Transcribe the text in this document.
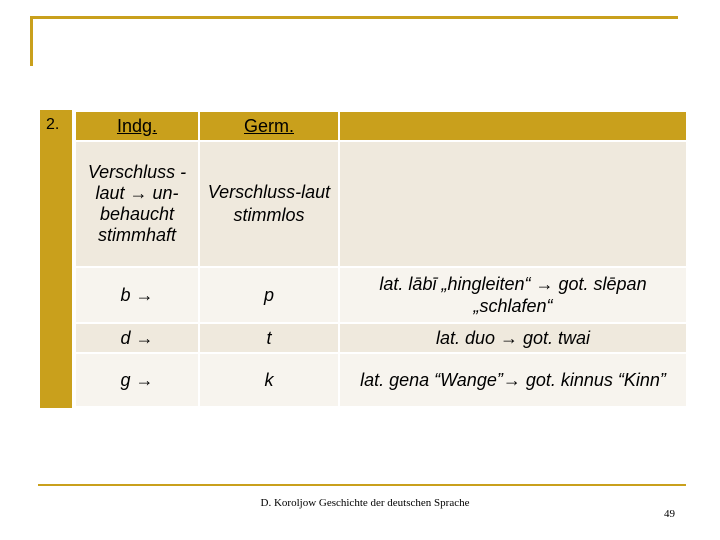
2.	Indg.	Germ.	
Verschluss -laut → un-behaucht stimmhaft	Verschluss-laut stimmlos	
b →	p	lat. lābī „hingleiten“ → got. slēpan „schlafen“
d →	t	lat. duo → got. twai
g →	k	lat. gena “Wange”→ got. kinnus “Kinn”
D. Koroljow Geschichte der deutschen Sprache
49
